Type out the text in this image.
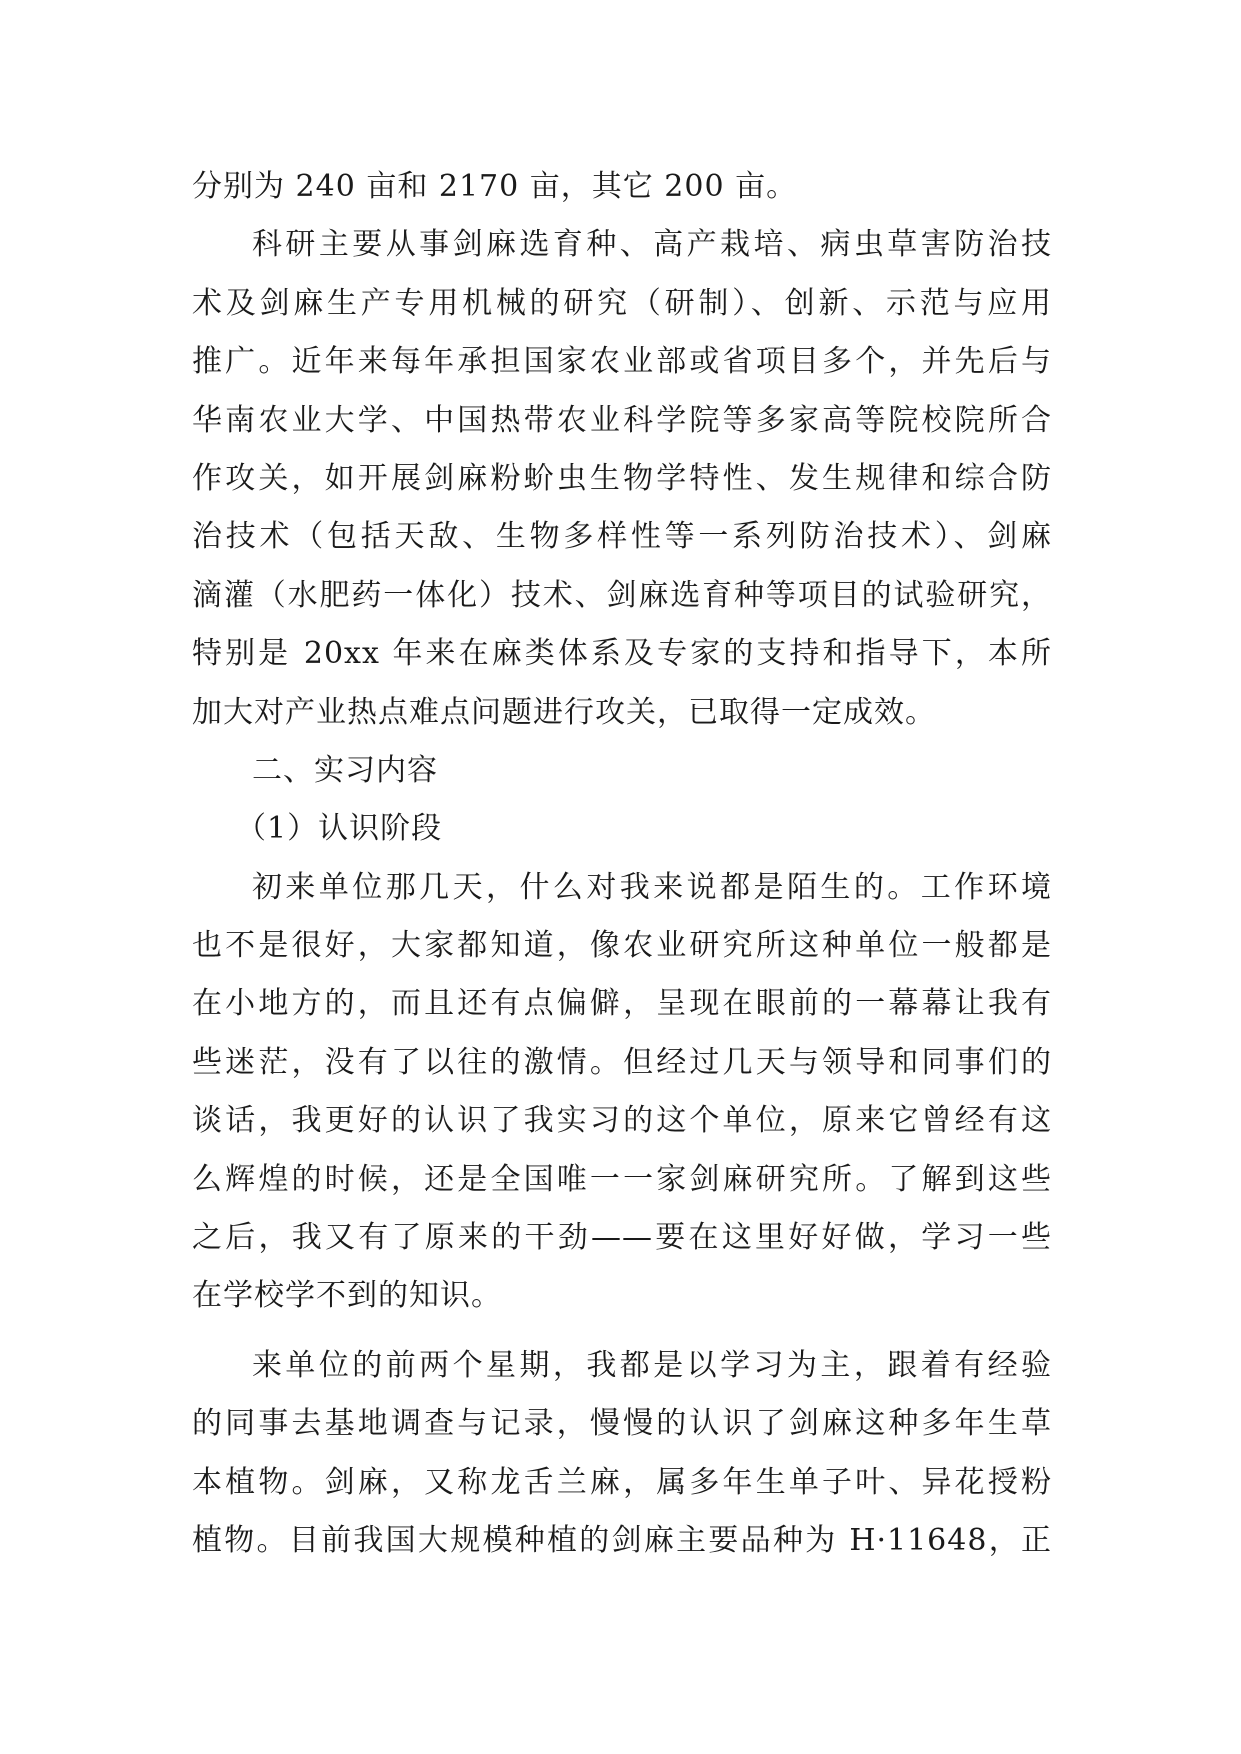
分别为 240 亩和 2170 亩，其它 200 亩。
科研主要从事剑麻选育种、高产栽培、病虫草害防治技
术及剑麻生产专用机械的研究（研制）、创新、示范与应用
推广。近年来每年承担国家农业部或省项目多个，并先后与
华南农业大学、中国热带农业科学院等多家高等院校院所合
作攻关，如开展剑麻粉蚧虫生物学特性、发生规律和综合防
治技术（包括天敌、生物多样性等一系列防治技术）、剑麻
滴灌（水肥药一体化）技术、剑麻选育种等项目的试验研究，
特别是 20xx 年来在麻类体系及专家的支持和指导下，本所
加大对产业热点难点问题进行攻关，已取得一定成效。
二、实习内容
（1）认识阶段
初来单位那几天，什么对我来说都是陌生的。工作环境
也不是很好，大家都知道，像农业研究所这种单位一般都是
在小地方的，而且还有点偏僻，呈现在眼前的一幕幕让我有
些迷茫，没有了以往的激情。但经过几天与领导和同事们的
谈话，我更好的认识了我实习的这个单位，原来它曾经有这
么辉煌的时候，还是全国唯一一家剑麻研究所。了解到这些
之后，我又有了原来的干劲——要在这里好好做，学习一些
在学校学不到的知识。
来单位的前两个星期，我都是以学习为主，跟着有经验
的同事去基地调查与记录，慢慢的认识了剑麻这种多年生草
本植物。剑麻，又称龙舌兰麻，属多年生单子叶、异花授粉
植物。目前我国大规模种植的剑麻主要品种为 H·11648，正
